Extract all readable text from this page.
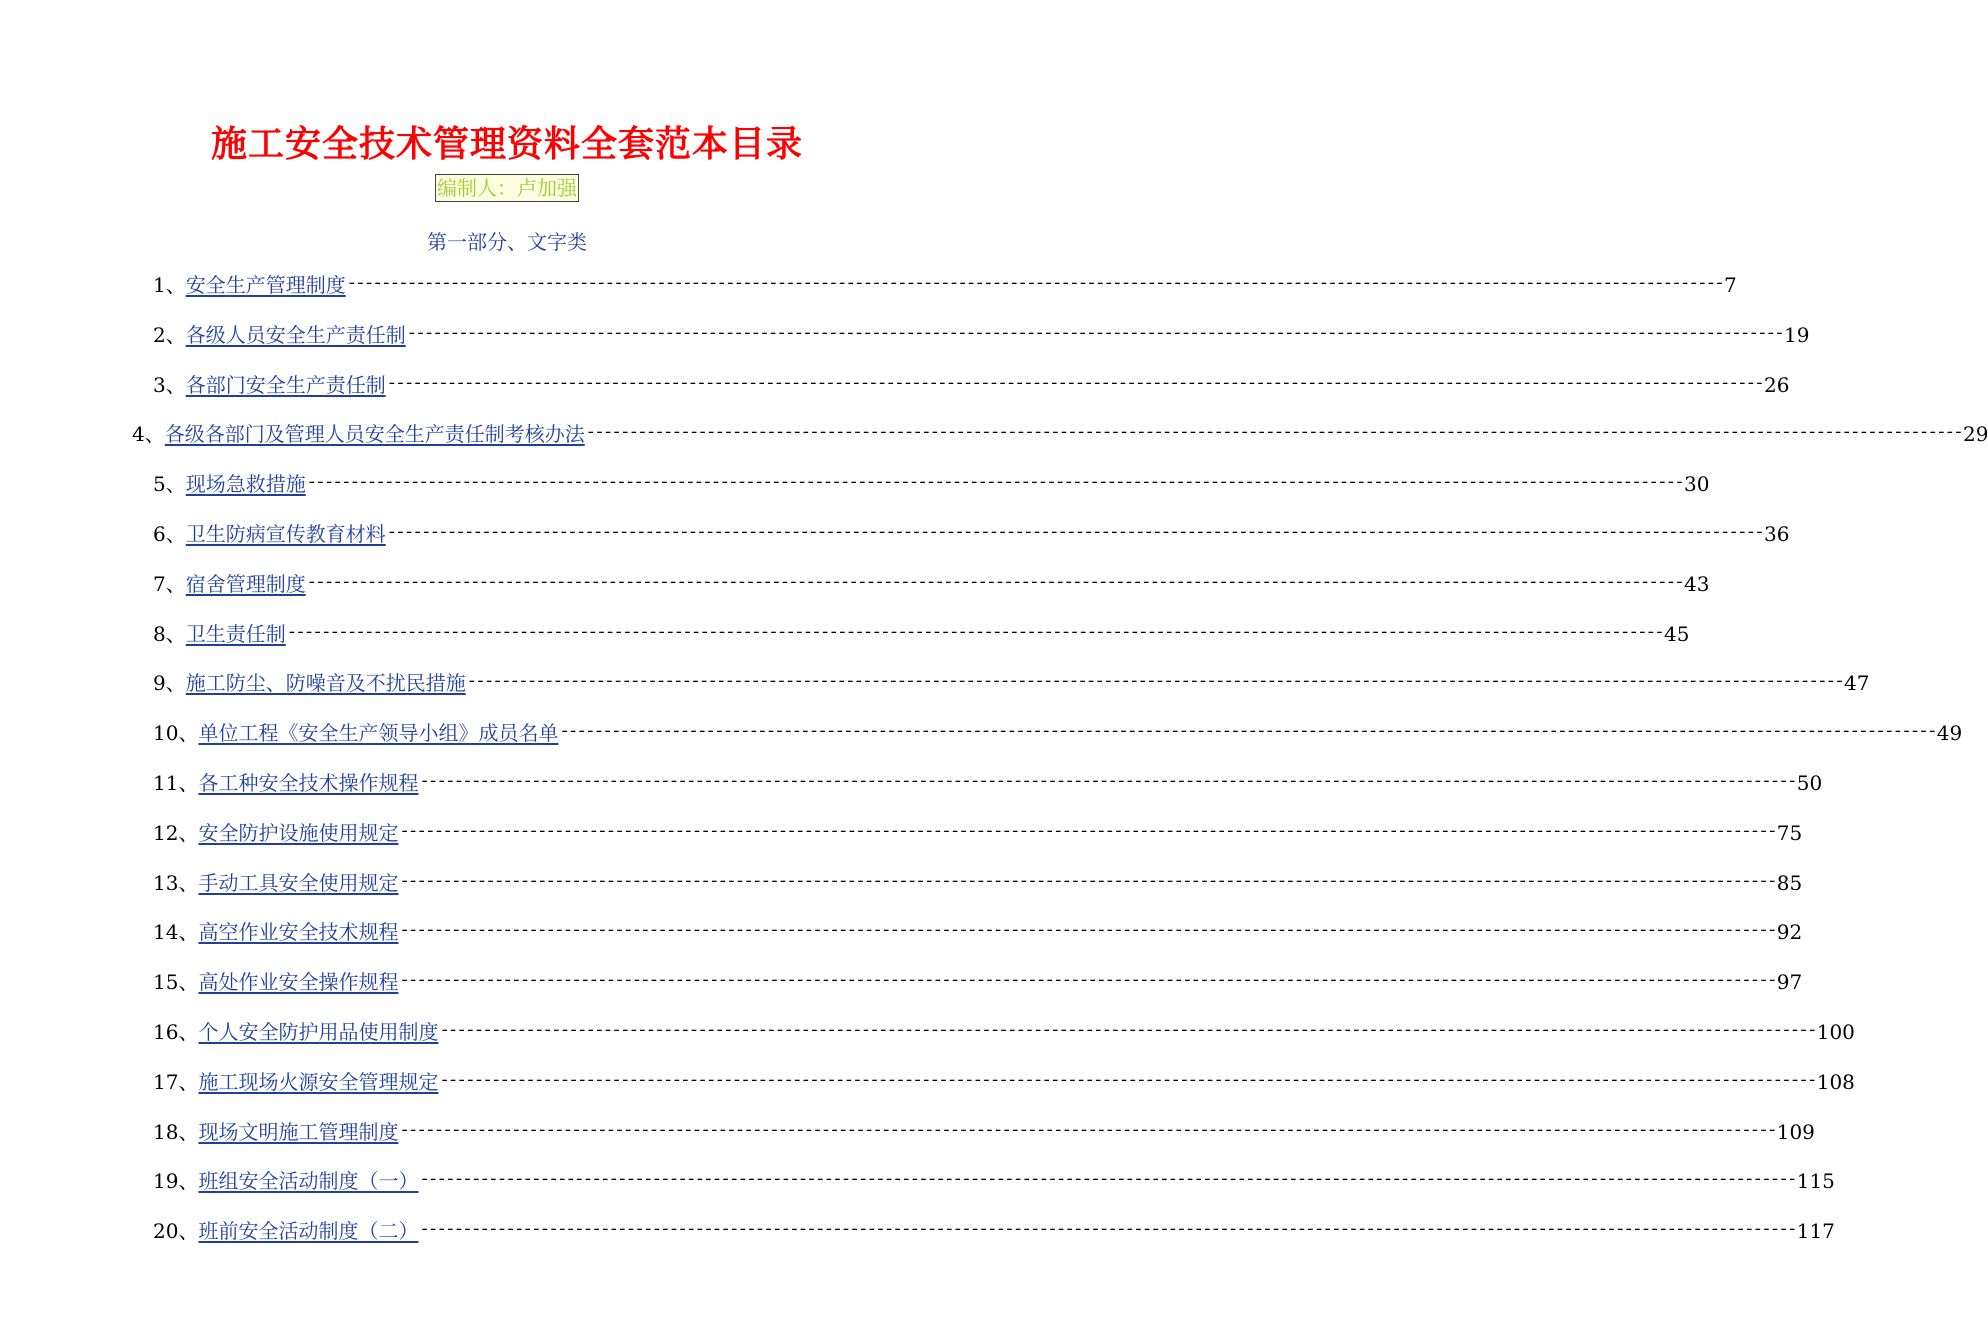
施工安全技术管理资料全套范本目录
编制人：卢加强
第一部分、文字类
1、 安全生产管理制度 ---------------------------------------------------------------------------------------------------------------------------------------------------------------- 7
2、 各级人员安全生产责任制 ---------------------------------------------------------------------------------------------------------------------------------------------------------------- 19
3、 各部门安全生产责任制 ---------------------------------------------------------------------------------------------------------------------------------------------------------------- 26
4、 各级各部门及管理人员安全生产责任制考核办法 ---------------------------------------------------------------------------------------------------------------------------------------------------------------- 29
5、 现场急救措施 ---------------------------------------------------------------------------------------------------------------------------------------------------------------- 30
6、 卫生防病宣传教育材料 ---------------------------------------------------------------------------------------------------------------------------------------------------------------- 36
7、 宿舍管理制度 ---------------------------------------------------------------------------------------------------------------------------------------------------------------- 43
8、 卫生责任制 ---------------------------------------------------------------------------------------------------------------------------------------------------------------- 45
9、 施工防尘、防噪音及不扰民措施 ---------------------------------------------------------------------------------------------------------------------------------------------------------------- 47
10、 单位工程《安全生产领导小组》成员名单 ---------------------------------------------------------------------------------------------------------------------------------------------------------------- 49
11、 各工种安全技术操作规程 ---------------------------------------------------------------------------------------------------------------------------------------------------------------- 50
12、 安全防护设施使用规定 ---------------------------------------------------------------------------------------------------------------------------------------------------------------- 75
13、 手动工具安全使用规定 ---------------------------------------------------------------------------------------------------------------------------------------------------------------- 85
14、 高空作业安全技术规程 ---------------------------------------------------------------------------------------------------------------------------------------------------------------- 92
15、 高处作业安全操作规程 ---------------------------------------------------------------------------------------------------------------------------------------------------------------- 97
16、 个人安全防护用品使用制度 ---------------------------------------------------------------------------------------------------------------------------------------------------------------- 100
17、 施工现场火源安全管理规定 ---------------------------------------------------------------------------------------------------------------------------------------------------------------- 108
18、 现场文明施工管理制度 ---------------------------------------------------------------------------------------------------------------------------------------------------------------- 109
19、 班组安全活动制度（一） ---------------------------------------------------------------------------------------------------------------------------------------------------------------- 115
20、 班前安全活动制度（二） ---------------------------------------------------------------------------------------------------------------------------------------------------------------- 117
